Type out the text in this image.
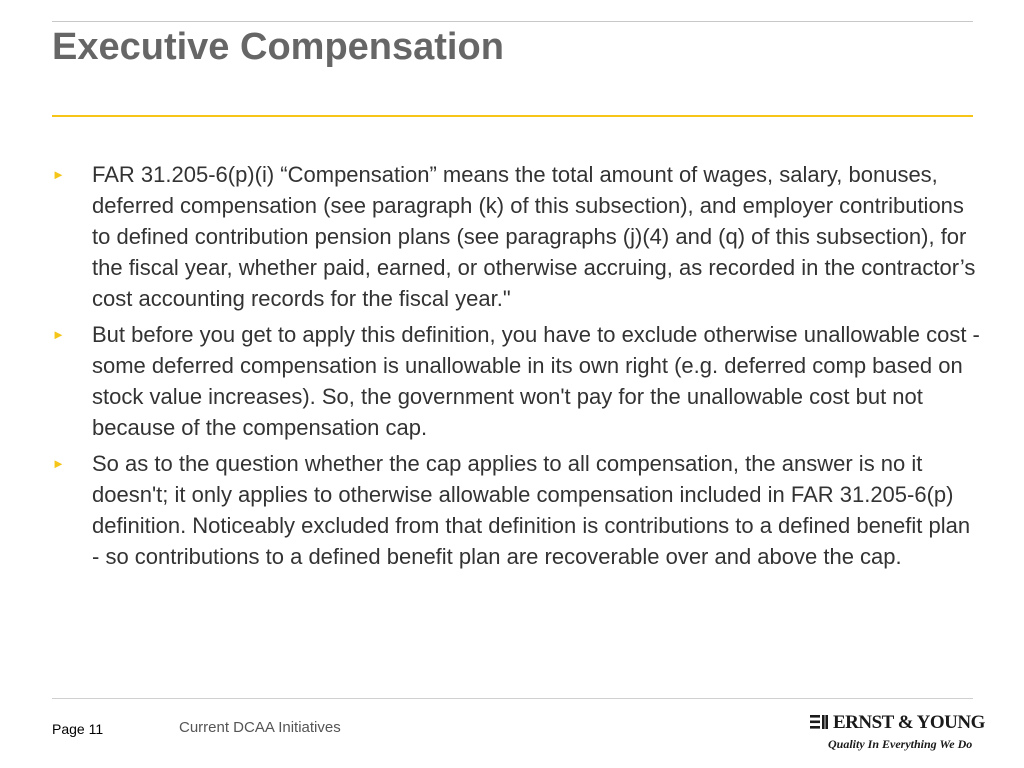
Executive Compensation
► FAR 31.205-6(p)(i) “Compensation” means the total amount of wages, salary, bonuses, deferred compensation (see paragraph (k) of this subsection), and employer contributions to defined contribution pension plans (see paragraphs (j)(4) and (q) of this subsection), for the fiscal year, whether paid, earned, or otherwise accruing, as recorded in the contractor’s cost accounting records for the fiscal year."
► But before you get to apply this definition, you have to exclude otherwise unallowable cost - some deferred compensation is unallowable in its own right (e.g. deferred comp based on stock value increases). So, the government won't pay for the unallowable cost but not because of the compensation cap.
► So as to the question whether the cap applies to all compensation, the answer is no it doesn't; it only applies to otherwise allowable compensation included in FAR 31.205-6(p) definition. Noticeably excluded from that definition is contributions to a defined benefit plan - so contributions to a defined benefit plan are recoverable over and above the cap.
Page 11	Current DCAA Initiatives	ERNST & YOUNG
Quality In Everything We Do
